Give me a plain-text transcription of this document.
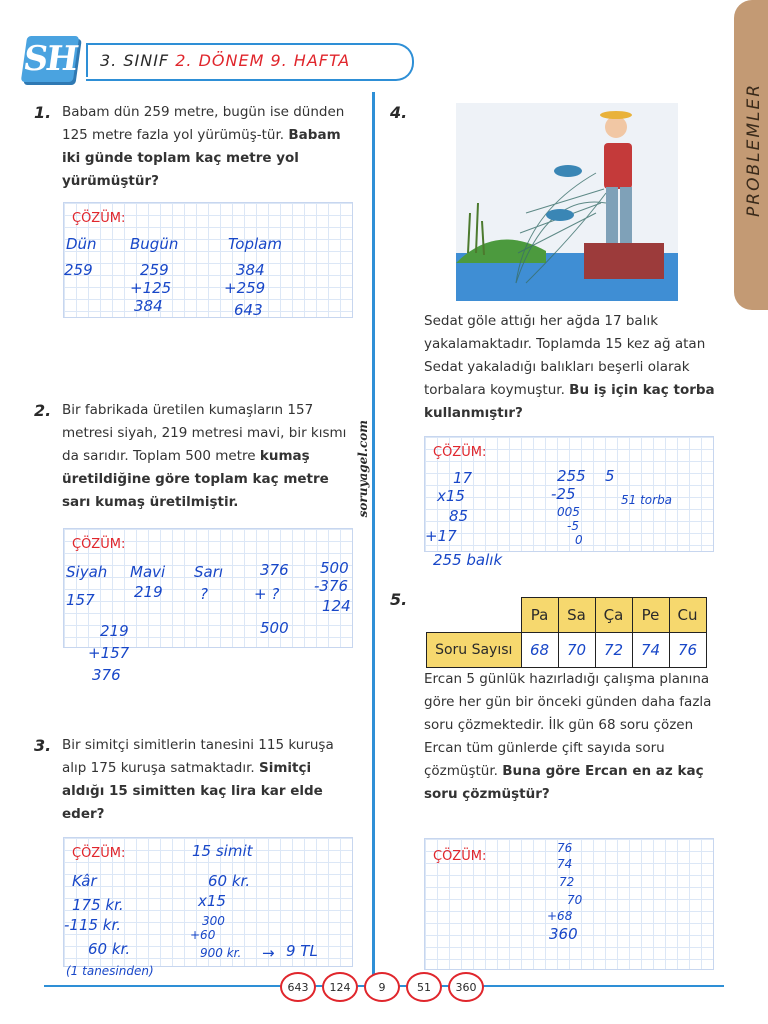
SH 3. SINIF 2. DÖNEM 9. HAFTA
PROBLEMLER
soruyagel.com
1. Babam dün 259 metre, bugün ise dünden 125 metre fazla yol yürümüş-tür. Babam iki günde toplam kaç metre yol yürümüştür?
ÇÖZÜM:
Dün
259
Bugün
259
+125
384
Toplam
384
+259
643
2. Bir fabrikada üretilen kumaşların 157 metresi siyah, 219 metresi mavi, bir kısmı da sarıdır. Toplam 500 metre kumaş üretildiğine göre toplam kaç metre sarı kumaş üretilmiştir.
ÇÖZÜM:
Siyah
157
Mavi
219
Sarı
?
376
+ ?
500
500
-376
124
219
+157
376
3. Bir simitçi simitlerin tanesini 115 kuruşa alıp 175 kuruşa satmaktadır. Simitçi aldığı 15 simitten kaç lira kar elde eder?
ÇÖZÜM:
Kâr
175 kr.
-115 kr.
60 kr.
15 simit
60 kr.
x15
300
+60
900 kr. → 9 TL
(1 tanesinden)
4.
Sedat göle attığı her ağda 17 balık yakalamaktadır. Toplamda 15 kez ağ atan Sedat yakaladığı balıkları beşerli olarak torbalara koymuştur. Bu iş için kaç torba kullanmıştır?
ÇÖZÜM:
17
x15
85
+17
255 balık
255 5
-25
005
-5
0
51 torba
5.
	Pa	Sa	Ça	Pe	Cu
Soru Sayısı	68	70	72	74	76
Ercan 5 günlük hazırladığı çalışma planına göre her gün bir önceki günden daha fazla soru çözmektedir. İlk gün 68 soru çözen Ercan tüm günlerde çift sayıda soru çözmüştür. Buna göre Ercan en az kaç soru çözmüştür?
ÇÖZÜM:
76
74
72
70
+68
360
643	124	9	51	360
